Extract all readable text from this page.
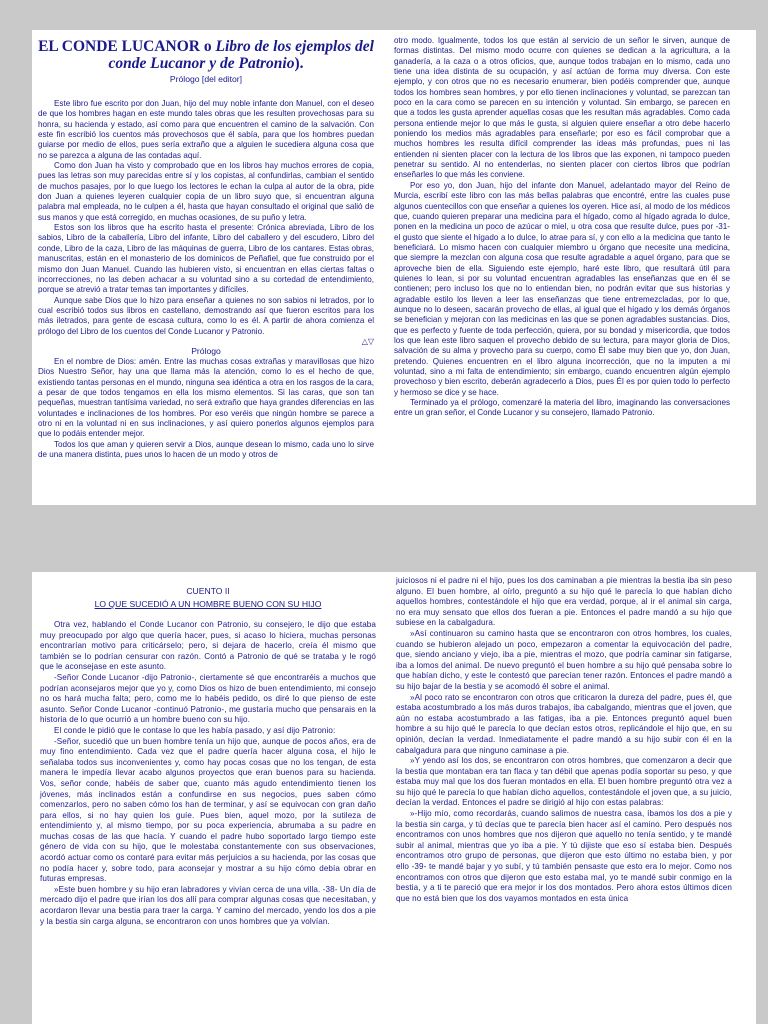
EL CONDE LUCANOR o Libro de los ejemplos del conde Lucanor y de Patronio).

Prólogo [del editor]

Este libro fue escrito por don Juan, hijo del muy noble infante don Manuel, con el deseo de que los hombres hagan en este mundo tales obras que les resulten provechosas para su honra, su hacienda y estado, así como para que encuentren el camino de la salvación. Con este fin escribió los cuentos más provechosos que él sabía, para que los hombres puedan guiarse por medio de ellos, pues sería extraño que a alguien le sucediera alguna cosa que no se parezca a alguna de las contadas aquí.

Como don Juan ha visto y comprobado que en los libros hay muchos errores de copia, pues las letras son muy parecidas entre sí y los copistas, al confundirlas, cambian el sentido de muchos pasajes, por lo que luego los lectores le echan la culpa al autor de la obra, pide don Juan a quienes leyeren cualquier copia de un libro suyo que, si encuentran alguna palabra mal empleada, no le culpen a él, hasta que hayan consultado el original que salió de sus manos y que está corregido, en muchas ocasiones, de su puño y letra.

Estos son los libros que ha escrito hasta el presente: Crónica abreviada, Libro de los sabios, Libro de la caballería, Libro del infante, Libro del caballero y del escudero, Libro del conde, Libro de la caza, Libro de las máquinas de guerra, Libro de los cantares. Estas obras, manuscritas, están en el monasterio de los dominicos de Peñafiel, que fue construido por el mismo don Juan Manuel. Cuando las hubieren visto, si encuentran en ellas ciertas faltas o incorrecciones, no las deben achacar a su voluntad sino a su cortedad de entendimiento, porque se atrevió a tratar temas tan importantes y difíciles.

Aunque sabe Dios que lo hizo para enseñar a quienes no son sabios ni letrados, por lo cual escribió todos sus libros en castellano, demostrando así que fueron escritos para los más iletrados, para gente de escasa cultura, como lo es él. A partir de ahora comienza el prólogo del Libro de los cuentos del Conde Lucanor y Patronio.

△▽

Prólogo

En el nombre de Dios: amén. Entre las muchas cosas extrañas y maravillosas que hizo Dios Nuestro Señor, hay una que llama más la atención, como lo es el hecho de que, existiendo tantas personas en el mundo, ninguna sea idéntica a otra en los rasgos de la cara, a pesar de que todos tengamos en ella los mismo elementos. Si las caras, que son tan pequeñas, muestran tantísima variedad, no será extraño que haya grandes diferencias en las voluntades e inclinaciones de los hombres. Por eso veréis que ningún hombre se parece a otro ni en la voluntad ni en sus inclinaciones, y así quiero ponerlos algunos ejemplos para que lo podáis entender mejor.

Todos los que aman y quieren servir a Dios, aunque desean lo mismo, cada uno lo sirve de una manera distinta, pues unos lo hacen de un modo y otros de

otro modo. Igualmente, todos los que están al servicio de un señor le sirven, aunque de formas distintas. Del mismo modo ocurre con quienes se dedican a la agricultura, a la ganadería, a la caza o a otros oficios, que, aunque todos trabajan en lo mismo, cada uno tiene una idea distinta de su ocupación, y así actúan de forma muy diversa. Con este ejemplo, y con otros que no es necesario enumerar, bien podéis comprender que, aunque todos los hombres sean hombres, y por ello tienen inclinaciones y voluntad, se parezcan tan poco en la cara como se parecen en su intención y voluntad. Sin embargo, se parecen en que a todos les gusta aprender aquellas cosas que les resultan más agradables. Como cada persona entiende mejor lo que más le gusta, si alguien quiere enseñar a otro debe hacerlo poniendo los medios más agradables para enseñarle; por eso es fácil comprobar que a muchos hombres les resulta difícil comprender las ideas más profundas, pues ni las entienden ni sienten placer con la lectura de los libros que las exponen, ni tampoco pueden penetrar su sentido. Al no entenderlas, no sienten placer con ciertos libros que podrían enseñarles lo que más les conviene.

Por eso yo, don Juan, hijo del infante don Manuel, adelantado mayor del Reino de Murcia, escribí este libro con las más bellas palabras que encontré, entre las cuales puse algunos cuentecillos con que enseñar a quienes los oyeren. Hice así, al modo de los médicos que, cuando quieren preparar una medicina para el hígado, como al hígado agrada lo dulce, ponen en la medicina un poco de azúcar o miel, u otra cosa que resulte dulce, pues por -31- el gusto que siente el hígado a lo dulce, lo atrae para sí, y con ello a la medicina que tanto le beneficiará. Lo mismo hacen con cualquier miembro u órgano que necesite una medicina, que siempre la mezclan con alguna cosa que resulte agradable a aquel órgano, para que se aproveche bien de ella. Siguiendo este ejemplo, haré este libro, que resultará útil para quienes lo lean, si por su voluntad encuentran agradables las enseñanzas que en él se contienen; pero incluso los que no lo entiendan bien, no podrán evitar que sus historias y agradable estilo los lleven a leer las enseñanzas que tiene entremezcladas, por lo que, aunque no lo deseen, sacarán provecho de ellas, al igual que el hígado y los demás órganos se benefician y mejoran con las medicinas en las que se ponen agradables sustancias. Dios, que es perfecto y fuente de toda perfección, quiera, por su bondad y misericordia, que todos los que lean este libro saquen el provecho debido de su lectura, para mayor gloria de Dios, salvación de su alma y provecho para su cuerpo, como Él sabe muy bien que yo, don Juan, pretendo. Quienes encuentren en el libro alguna incorrección, que no la imputen a mi voluntad, sino a mi falta de entendimiento; sin embargo, cuando encuentren algún ejemplo provechoso y bien escrito, deberán agradecerlo a Dios, pues Él es por quien todo lo perfecto y hermoso se dice y se hace.

Terminado ya el prólogo, comenzaré la materia del libro, imaginando las conversaciones entre un gran señor, el Conde Lucanor y su consejero, llamado Patronio.

CUENTO II

LO QUE SUCEDIÓ A UN HOMBRE BUENO CON SU HIJO

Otra vez, hablando el Conde Lucanor con Patronio, su consejero, le dijo que estaba muy preocupado por algo que quería hacer, pues, si acaso lo hiciera, muchas personas encontrarían motivo para criticárselo; pero, si dejara de hacerlo, creía él mismo que también se lo podrían censurar con razón. Contó a Patronio de qué se trataba y le rogó que le aconsejase en este asunto.

-Señor Conde Lucanor -dijo Patronio-, ciertamente sé que encontraréis a muchos que podrían aconsejaros mejor que yo y, como Dios os hizo de buen entendimiento, mi consejo no os hará mucha falta; pero, como me lo habéis pedido, os diré lo que pienso de este asunto. Señor Conde Lucanor -continuó Patronio-, me gustaría mucho que pensarais en la historia de lo que ocurrió a un hombre bueno con su hijo.

El conde le pidió que le contase lo que les había pasado, y así dijo Patronio:

-Señor, sucedió que un buen hombre tenía un hijo que, aunque de pocos años, era de muy fino entendimiento. Cada vez que el padre quería hacer alguna cosa, el hijo le señalaba todos sus inconvenientes y, como hay pocas cosas que no los tengan, de esta manera le impedía llevar acabo algunos proyectos que eran buenos para su hacienda. Vos, señor conde, habéis de saber que, cuanto más agudo entendimiento tienen los jóvenes, más inclinados están a confundirse en sus negocios, pues saben cómo comenzarlos, pero no saben cómo los han de terminar, y así se equivocan con gran daño para ellos, si no hay quien los guíe. Pues bien, aquel mozo, por la sutileza de entendimiento y, al mismo tiempo, por su poca experiencia, abrumaba a su padre en muchas cosas de las que hacía. Y cuando el padre hubo soportado largo tiempo este género de vida con su hijo, que le molestaba constantemente con sus observaciones, acordó actuar como os contaré para evitar más perjuicios a su hacienda, por las cosas que no podía hacer y, sobre todo, para aconsejar y mostrar a su hijo cómo debía obrar en futuras empresas.

»Este buen hombre y su hijo eran labradores y vivían cerca de una villa. -38- Un día de mercado dijo el padre que irían los dos allí para comprar algunas cosas que necesitaban, y acordaron llevar una bestia para traer la carga. Y camino del mercado, yendo los dos a pie y la bestia sin carga alguna, se encontraron con unos hombres que ya volvían.

juiciosos ni el padre ni el hijo, pues los dos caminaban a pie mientras la bestia iba sin peso alguno. El buen hombre, al oírlo, preguntó a su hijo qué le parecía lo que habían dicho aquellos hombres, contestándole el hijo que era verdad, porque, al ir el animal sin carga, no era muy sensato que ellos dos fueran a pie. Entonces el padre mandó a su hijo que subiese en la cabalgadura.

»Así continuaron su camino hasta que se encontraron con otros hombres, los cuales, cuando se hubieron alejado un poco, empezaron a comentar la equivocación del padre, que, siendo anciano y viejo, iba a pie, mientras el mozo, que podría caminar sin fatigarse, iba a lomos del animal. De nuevo preguntó el buen hombre a su hijo qué pensaba sobre lo que habían dicho, y este le contestó que parecían tener razón. Entonces el padre mandó a su hijo bajar de la bestia y se acomodó él sobre el animal.

»Al poco rato se encontraron con otros que criticaron la dureza del padre, pues él, que estaba acostumbrado a los más duros trabajos, iba cabalgando, mientras que el joven, que aún no estaba acostumbrado a las fatigas, iba a pie. Entonces preguntó aquel buen hombre a su hijo qué le parecía lo que decían estos otros, replicándole el hijo que, en su opinión, decían la verdad. Inmediatamente el padre mandó a su hijo subir con él en la cabalgadura para que ninguno caminase a pie.

»Y yendo así los dos, se encontraron con otros hombres, que comenzaron a decir que la bestia que montaban era tan flaca y tan débil que apenas podía soportar su peso, y que estaba muy mal que los dos fueran montados en ella. El buen hombre preguntó otra vez a su hijo qué le parecía lo que habían dicho aquellos, contestándole el joven que, a su juicio, decían la verdad. Entonces el padre se dirigió al hijo con estas palabras:

»-Hijo mío, como recordarás, cuando salimos de nuestra casa, íbamos los dos a pie y la bestia sin carga, y tú decías que te parecía bien hacer así el camino. Pero después nos encontramos con unos hombres que nos dijeron que aquello no tenía sentido, y te mandé subir al animal, mientras que yo iba a pie. Y tú dijiste que eso sí estaba bien. Después encontramos otro grupo de personas, que dijeron que esto último no estaba bien, y por ello -39- te mandé bajar y yo subí, y tú también pensaste que esto era lo mejor. Como nos encontramos con otros que dijeron que esto estaba mal, yo te mandé subir conmigo en la bestia, y a ti te pareció que era mejor ir los dos montados. Pero ahora estos últimos dicen que no está bien que los dos vayamos montados en esta única
